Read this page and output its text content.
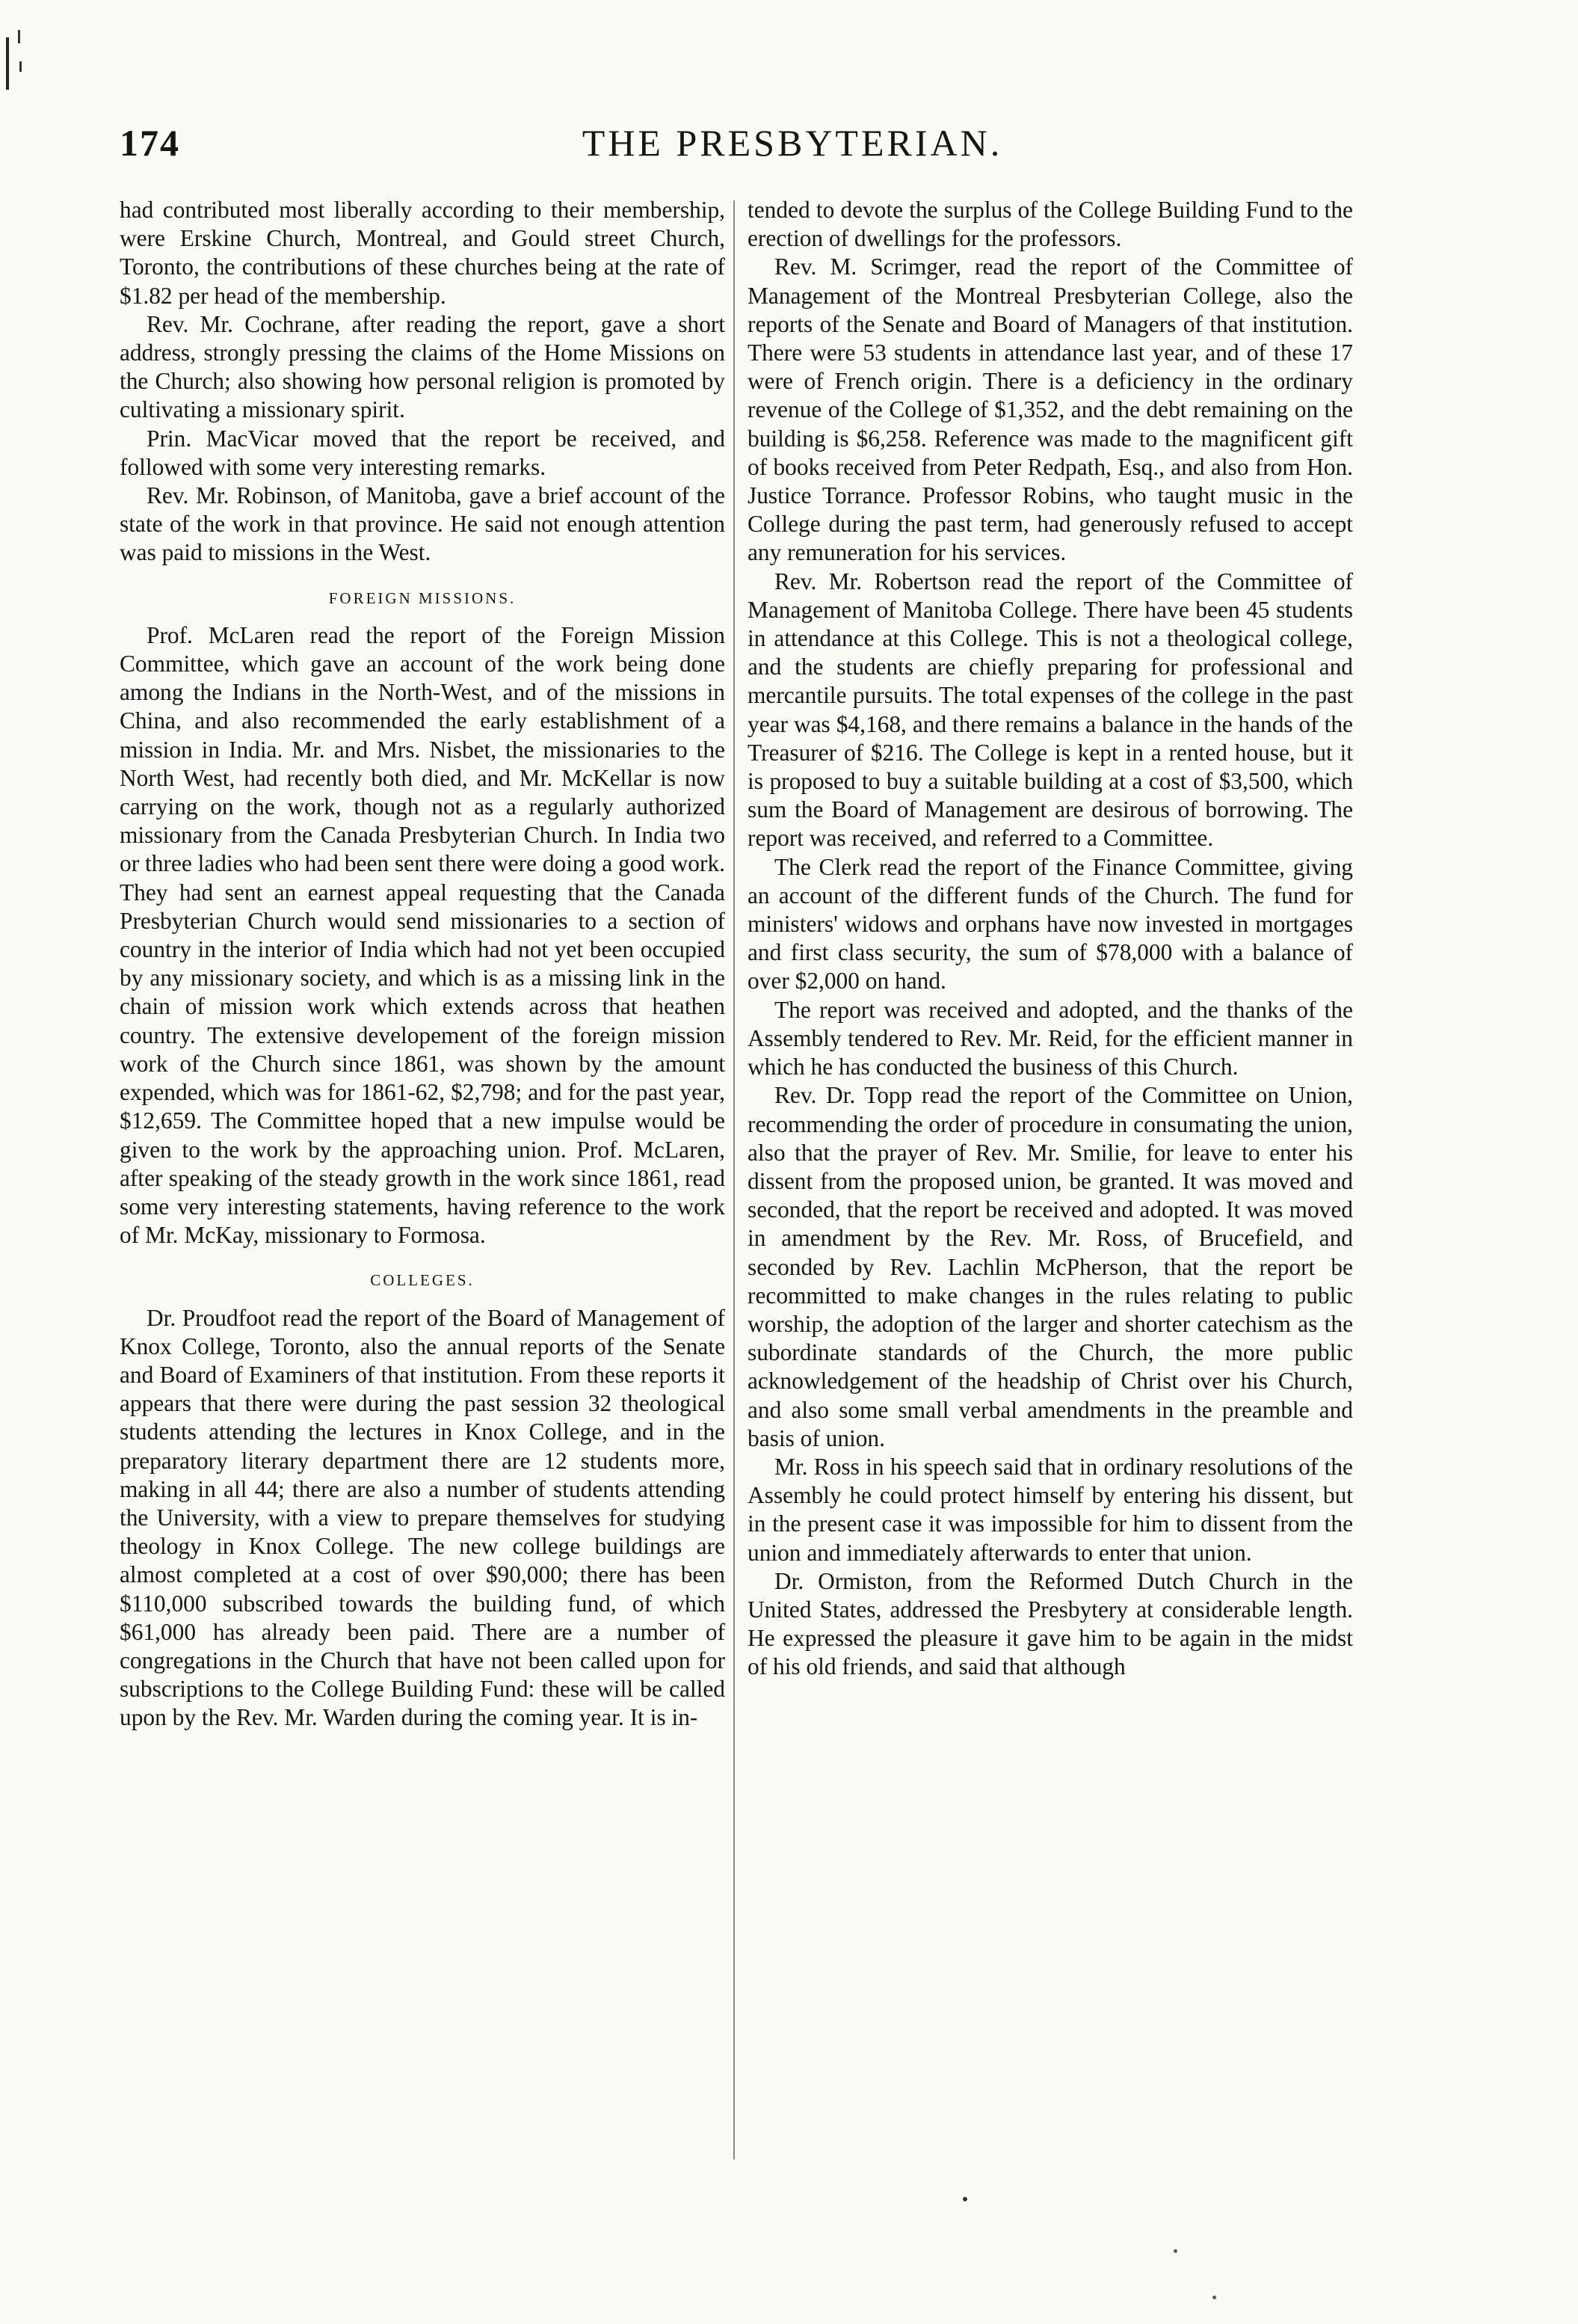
174	THE PRESBYTERIAN.

had contributed most liberally according to their membership, were Erskine Church, Montreal, and Gould street Church, Toronto, the contributions of these churches being at the rate of $1.82 per head of the membership.

Rev. Mr. Cochrane, after reading the report, gave a short address, strongly pressing the claims of the Home Missions on the Church; also showing how personal religion is promoted by cultivating a missionary spirit.

Prin. MacVicar moved that the report be received, and followed with some very interesting remarks.

Rev. Mr. Robinson, of Manitoba, gave a brief account of the state of the work in that province. He said not enough attention was paid to missions in the West.

FOREIGN MISSIONS.

Prof. McLaren read the report of the Foreign Mission Committee, which gave an account of the work being done among the Indians in the North-West, and of the missions in China, and also recommended the early establishment of a mission in India. Mr. and Mrs. Nisbet, the missionaries to the North West, had recently both died, and Mr. McKellar is now carrying on the work, though not as a regularly authorized missionary from the Canada Presbyterian Church. In India two or three ladies who had been sent there were doing a good work. They had sent an earnest appeal requesting that the Canada Presbyterian Church would send missionaries to a section of country in the interior of India which had not yet been occupied by any missionary society, and which is as a missing link in the chain of mission work which extends across that heathen country. The extensive developement of the foreign mission work of the Church since 1861, was shown by the amount expended, which was for 1861-62, $2,798; and for the past year, $12,659. The Committee hoped that a new impulse would be given to the work by the approaching union. Prof. McLaren, after speaking of the steady growth in the work since 1861, read some very interesting statements, having reference to the work of Mr. McKay, missionary to Formosa.

COLLEGES.

Dr. Proudfoot read the report of the Board of Management of Knox College, Toronto, also the annual reports of the Senate and Board of Examiners of that institution. From these reports it appears that there were during the past session 32 theological students attending the lectures in Knox College, and in the preparatory literary department there are 12 students more, making in all 44; there are also a number of students attending the University, with a view to prepare themselves for studying theology in Knox College. The new college buildings are almost completed at a cost of over $90,000; there has been $110,000 subscribed towards the building fund, of which $61,000 has already been paid. There are a number of congregations in the Church that have not been called upon for subscriptions to the College Building Fund: these will be called upon by the Rev. Mr. Warden during the coming year. It is in-

tended to devote the surplus of the College Building Fund to the erection of dwellings for the professors.

Rev. M. Scrimger, read the report of the Committee of Management of the Montreal Presbyterian College, also the reports of the Senate and Board of Managers of that institution. There were 53 students in attendance last year, and of these 17 were of French origin. There is a deficiency in the ordinary revenue of the College of $1,352, and the debt remaining on the building is $6,258. Reference was made to the magnificent gift of books received from Peter Redpath, Esq., and also from Hon. Justice Torrance. Professor Robins, who taught music in the College during the past term, had generously refused to accept any remuneration for his services.

Rev. Mr. Robertson read the report of the Committee of Management of Manitoba College. There have been 45 students in attendance at this College. This is not a theological college, and the students are chiefly preparing for professional and mercantile pursuits. The total expenses of the college in the past year was $4,168, and there remains a balance in the hands of the Treasurer of $216. The College is kept in a rented house, but it is proposed to buy a suitable building at a cost of $3,500, which sum the Board of Management are desirous of borrowing. The report was received, and referred to a Committee.

The Clerk read the report of the Finance Committee, giving an account of the different funds of the Church. The fund for ministers' widows and orphans have now invested in mortgages and first class security, the sum of $78,000 with a balance of over $2,000 on hand.

The report was received and adopted, and the thanks of the Assembly tendered to Rev. Mr. Reid, for the efficient manner in which he has conducted the business of this Church.

Rev. Dr. Topp read the report of the Committee on Union, recommending the order of procedure in consumating the union, also that the prayer of Rev. Mr. Smilie, for leave to enter his dissent from the proposed union, be granted. It was moved and seconded, that the report be received and adopted. It was moved in amendment by the Rev. Mr. Ross, of Brucefield, and seconded by Rev. Lachlin McPherson, that the report be recommitted to make changes in the rules relating to public worship, the adoption of the larger and shorter catechism as the subordinate standards of the Church, the more public acknowledgement of the headship of Christ over his Church, and also some small verbal amendments in the preamble and basis of union.

Mr. Ross in his speech said that in ordinary resolutions of the Assembly he could protect himself by entering his dissent, but in the present case it was impossible for him to dissent from the union and immediately afterwards to enter that union.

Dr. Ormiston, from the Reformed Dutch Church in the United States, addressed the Presbytery at considerable length. He expressed the pleasure it gave him to be again in the midst of his old friends, and said that although
